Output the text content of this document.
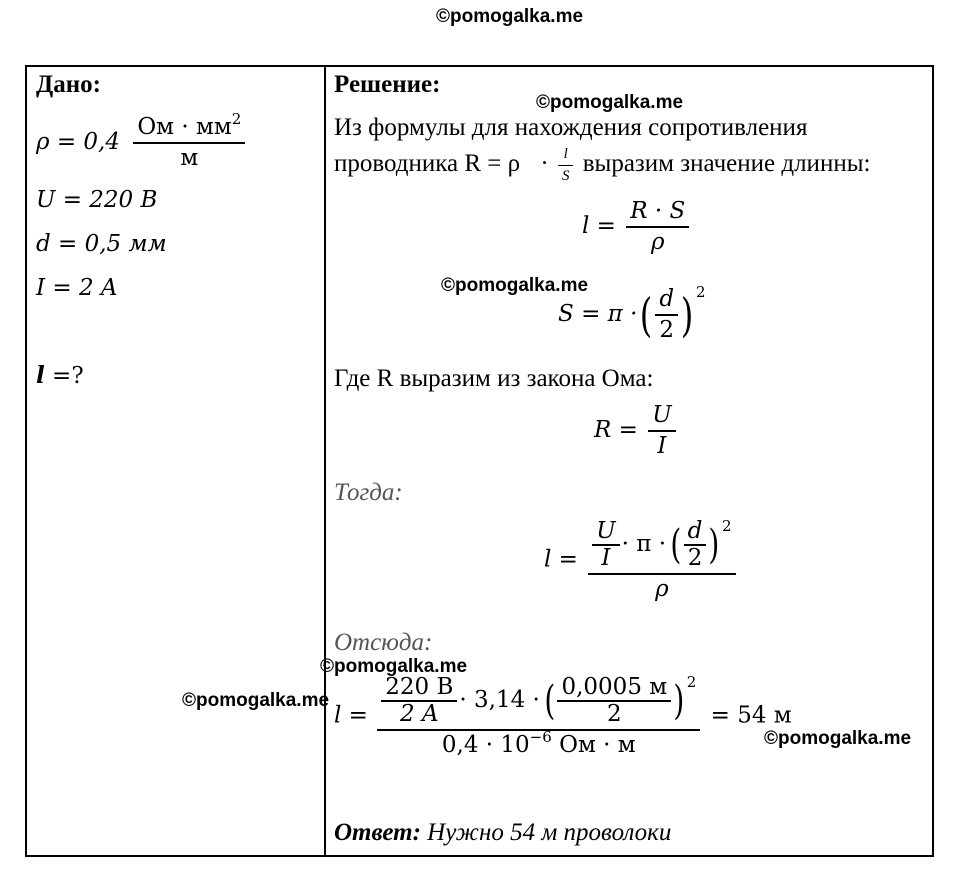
©pomogalka.me
Дано:
$\rho = 0,4 \frac{Ом \cdot мм^2}{м}$
U = 220 В
d = 0,5 мм
I = 2 A
l =?
Решение:
©pomogalka.me
Из формулы для нахождения сопротивления
проводника $R = \rho \cdot \frac{l}{S}$ выразим значение длинны:
$l = \frac{R \cdot S}{\rho}$
©pomogalka.me
S = π ·( $\frac{d}{2}$ ) $^2$
Где R выразим из закона Ома:
$R = \frac{U}{I}$
Тогда:
$l = \frac{U}{I} \cdot \pi$ · ( $\frac{d}{2}$ ) $^2$
ρ
Отсюда:
©pomogalka.me
©pomogalka.me
$l = \frac{220 В}{2 A} \cdot 3,14$ · ( $\frac{0,0005 м}{2}$ ) $^2$
$0,4 \cdot 10^{-6}$ Ом · м
= 54 м
©pomogalka.me
Ответ: Нужно 54 м проволоки
